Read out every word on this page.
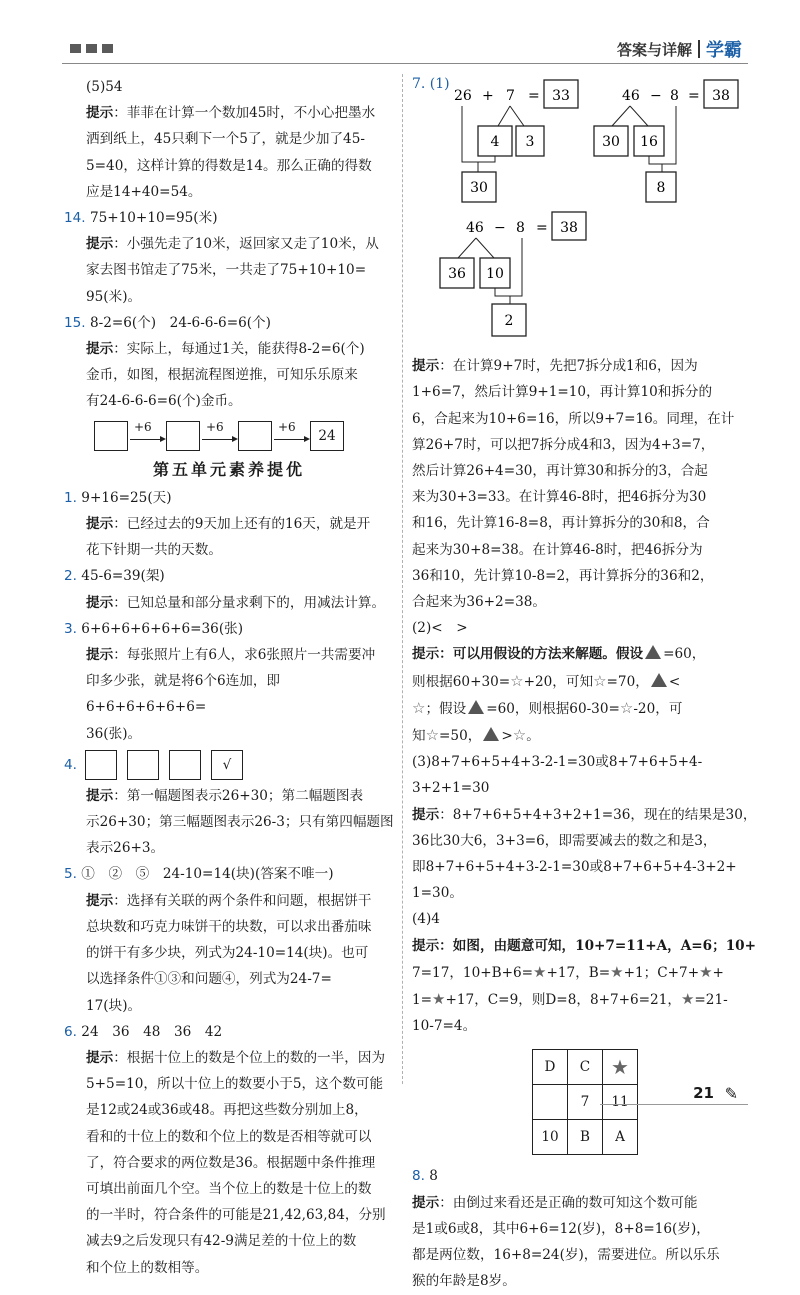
答案与详解 学霸

(5)54

提示：菲菲在计算一个数加45时，不小心把墨水

洒到纸上，45只剩下一个5了，就是少加了45-

5=40，这样计算的得数是14。那么正确的得数

应是14+40=54。

14. 75+10+10=95(米)

提示：小强先走了10米，返回家又走了10米，从

家去图书馆走了75米，一共走了75+10+10=

95(米)。

15. 8-2=6(个)　24-6-6-6=6(个)

提示：实际上，每通过1关，能获得8-2=6(个)

金币，如图，根据流程图逆推，可知乐乐原来

有24-6-6-6=6(个)金币。

+6	+6	+6
24
第五单元素养提优

1. 9+16=25(天)

提示：已经过去的9天加上还有的16天，就是开

花下针期一共的天数。

2. 45-6=39(架)

提示：已知总量和部分量求剩下的，用减法计算。

3. 6+6+6+6+6+6=36(张)

提示：每张照片上有6人，求6张照片一共需要冲

印多少张，就是将6个6连加，即6+6+6+6+6+6=

36(张)。

4.	√

提示：第一幅题图表示26+30；第二幅题图表

示26+30；第三幅题图表示26-3；只有第四幅题图

表示26+3。

5. ①　②　⑤　24-10=14(块)(答案不唯一)

提示：选择有关联的两个条件和问题，根据饼干

总块数和巧克力味饼干的块数，可以求出番茄味

的饼干有多少块，列式为24-10=14(块)。也可

以选择条件①③和问题④，列式为24-7=

17(块)。

6. 24　36　48　36　42

提示：根据十位上的数是个位上的数的一半，因为

5+5=10，所以十位上的数要小于5，这个数可能

是12或24或36或48。再把这些数分别加上8，

看和的十位上的数和个位上的数是否相等就可以

了，符合要求的两位数是36。根据题中条件推理

可填出前面几个空。当个位上的数是十位上的数

的一半时，符合条件的可能是21,42,63,84，分别

减去9之后发现只有42-9满足差的十位上的数

和个位上的数相等。

7. (1)
26 + 7 = 33
4 3
30
46 − 8 = 38
30 16
8
46 − 8 = 38
36 10
2

提示：在计算9+7时，先把7拆分成1和6，因为

1+6=7，然后计算9+1=10，再计算10和拆分的

6，合起来为10+6=16，所以9+7=16。同理，在计

算26+7时，可以把7拆分成4和3，因为4+3=7，

然后计算26+4=30，再计算30和拆分的3，合起

来为30+3=33。在计算46-8时，把46拆分为30

和16，先计算16-8=8，再计算拆分的30和8，合

起来为30+8=38。在计算46-8时，把46拆分为

36和10，先计算10-8=2，再计算拆分的36和2，

合起来为36+2=38。

(2)<　>

提示：可以用假设的方法来解题。假设 =60，

则根据60+30=☆+20，可知☆=70， <

☆；假设 =60，则根据60-30=☆-20，可

知☆=50， >☆。

(3)8+7+6+5+4+3-2-1=30或8+7+6+5+4-

3+2+1=30

提示：8+7+6+5+4+3+2+1=36，现在的结果是30，

36比30大6，3+3=6，即需要减去的数之和是3，

即8+7+6+5+4+3-2-1=30或8+7+6+5+4-3+2+

1=30。

(4)4

提示：如图，由题意可知，10+7=11+A，A=6；10+

7=17，10+B+6=★+17，B=★+1；C+7+★+

1=★+17，C=9，则D=8，8+7+6=21，★=21-

10-7=4。

D	C	★
	7	11
10	B	A

8. 8

提示：由倒过来看还是正确的数可知这个数可能

是1或6或8，其中6+6=12(岁)，8+8=16(岁)，

都是两位数，16+8=24(岁)，需要进位。所以乐乐

猴的年龄是8岁。

21 ✎
